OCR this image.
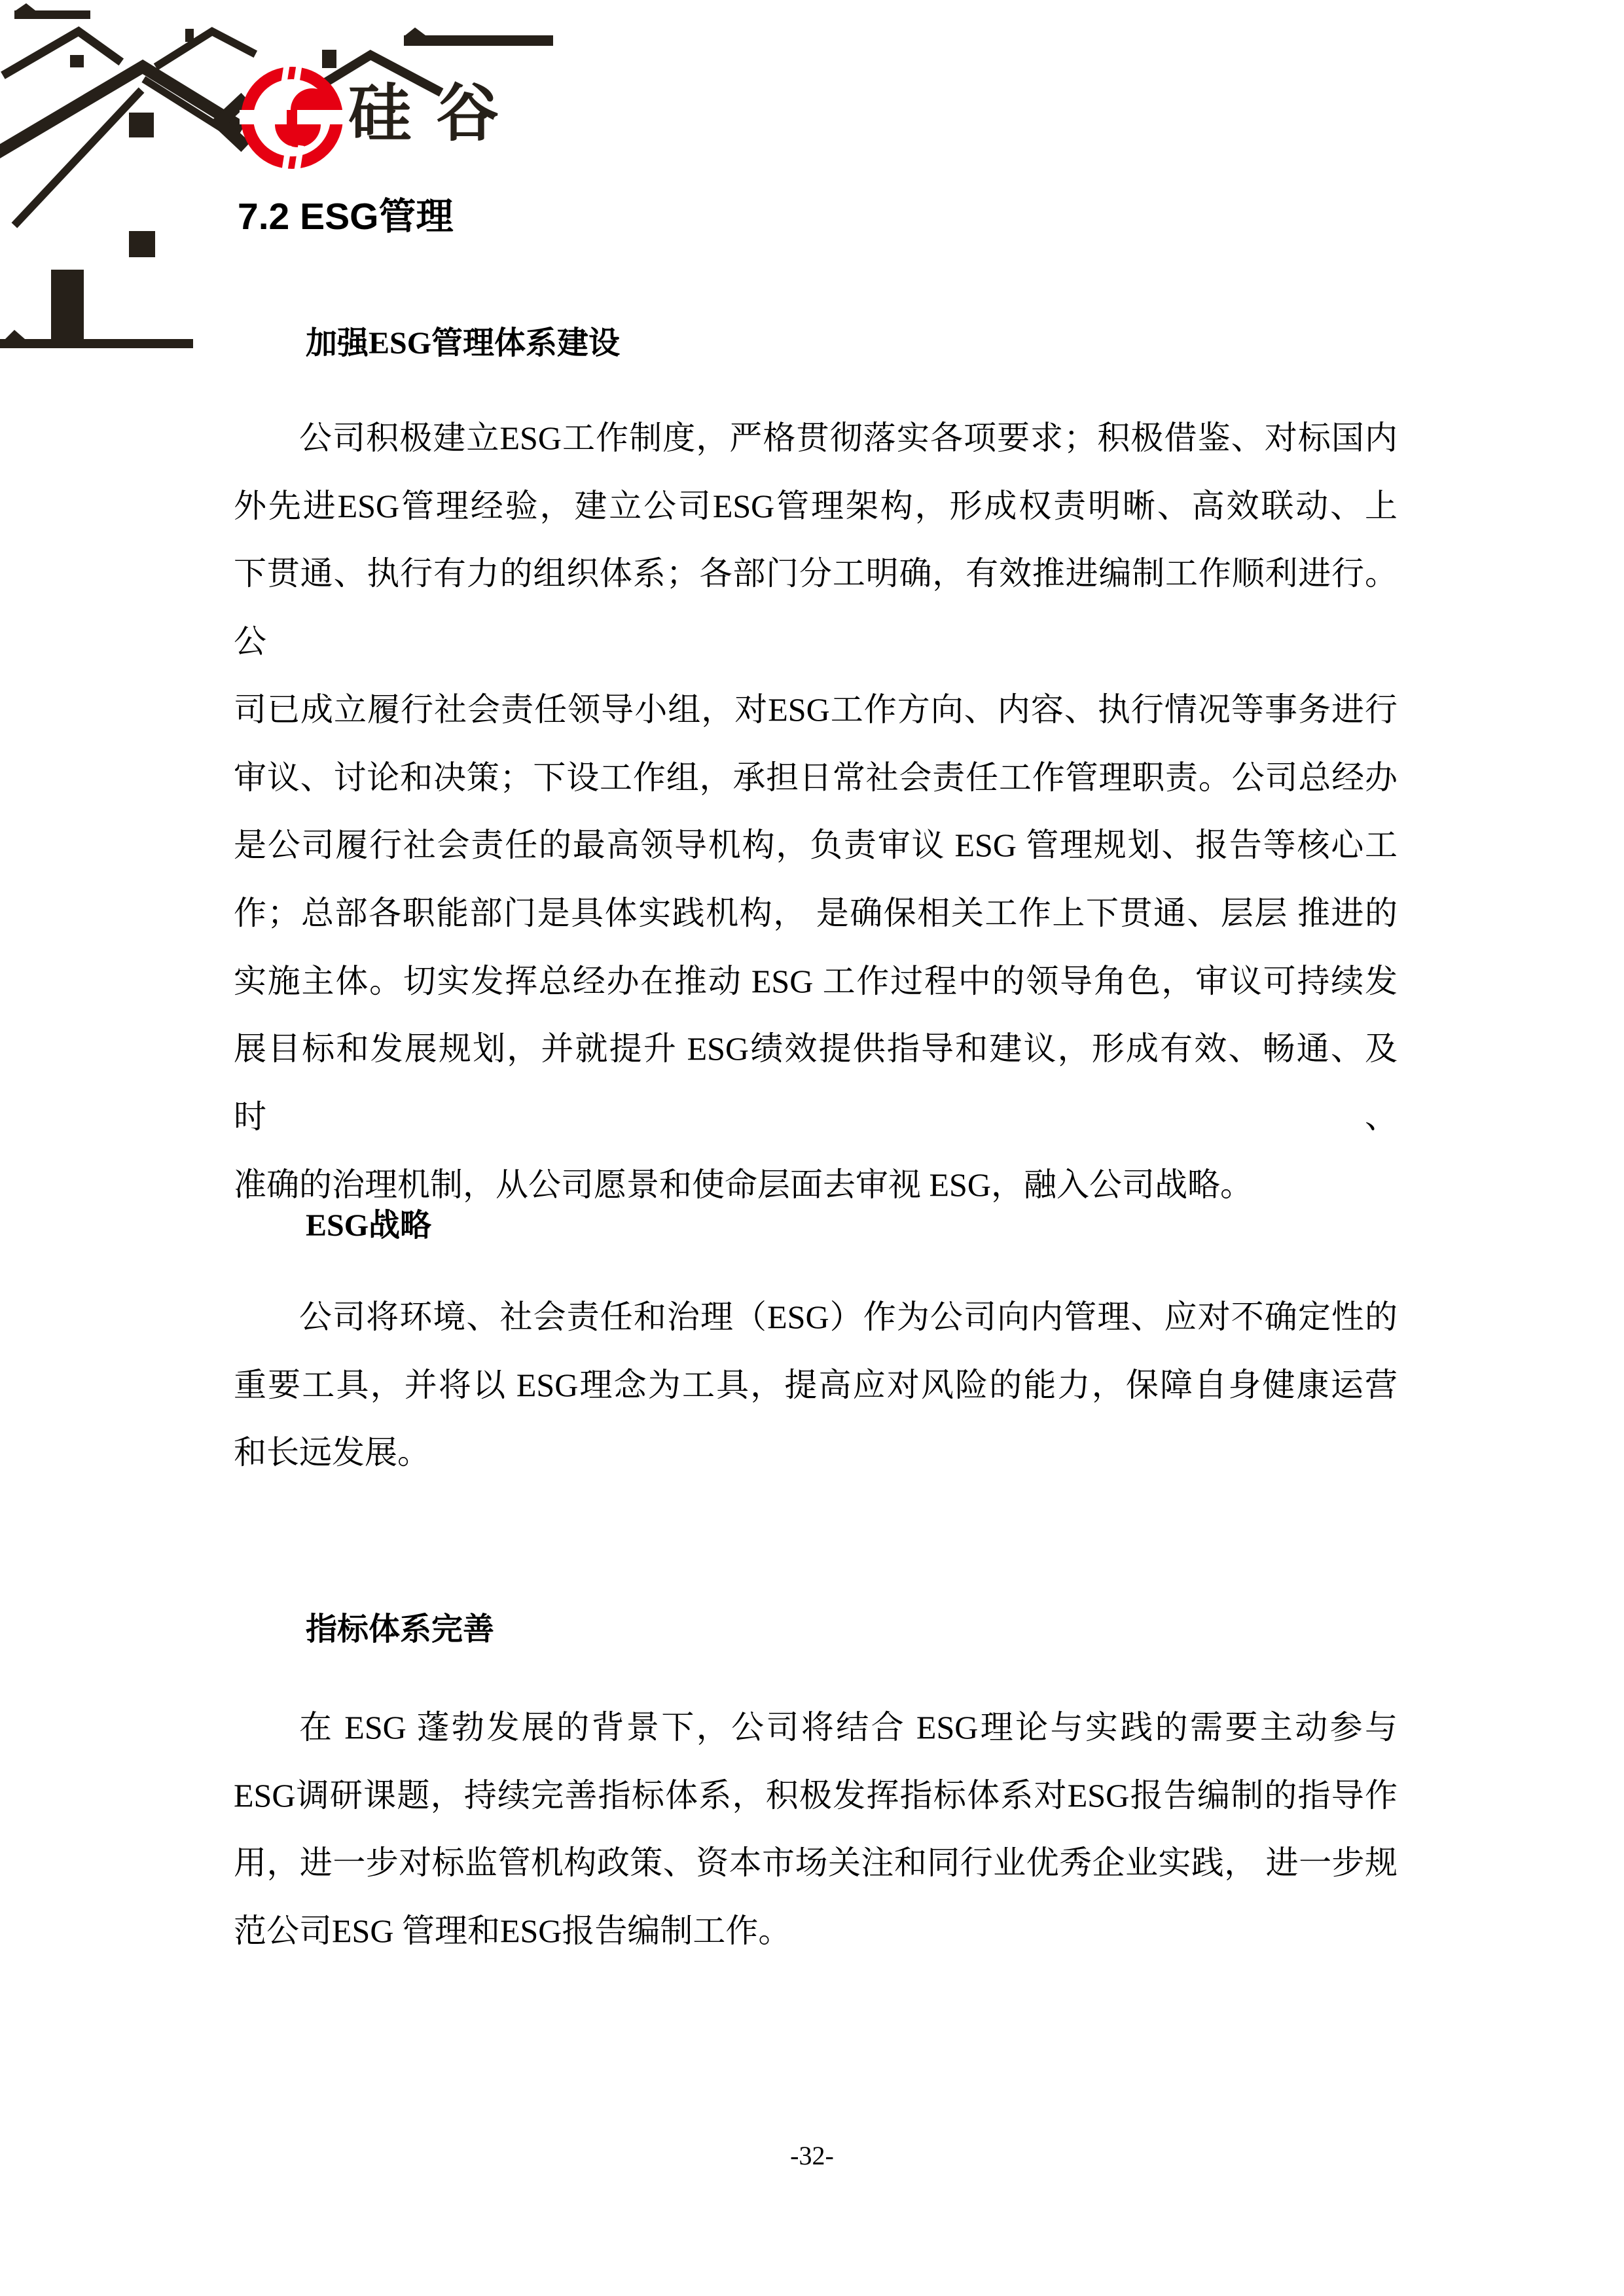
硅谷
7.2 ESG管理
加强ESG管理体系建设
公司积极建立ESG工作制度，严格贯彻落实各项要求；积极借鉴、对标国内
外先进ESG管理经验，建立公司ESG管理架构，形成权责明晰、高效联动、上
下贯通、执行有力的组织体系；各部门分工明确，有效推进编制工作顺利进行。公
司已成立履行社会责任领导小组，对ESG工作方向、内容、执行情况等事务进行
审议、讨论和决策；下设工作组，承担日常社会责任工作管理职责。公司总经办
是公司履行社会责任的最高领导机构，负责审议 ESG 管理规划、报告等核心工
作；总部各职能部门是具体实践机构， 是确保相关工作上下贯通、层层 推进的
实施主体。切实发挥总经办在推动 ESG 工作过程中的领导角色，审议可持续发
展目标和发展规划，并就提升 ESG绩效提供指导和建议，形成有效、畅通、及时、
准确的治理机制，从公司愿景和使命层面去审视 ESG，融入公司战略。
ESG战略
公司将环境、社会责任和治理（ESG）作为公司向内管理、应对不确定性的
重要工具，并将以 ESG理念为工具，提高应对风险的能力，保障自身健康运营
和长远发展。
指标体系完善
在 ESG 蓬勃发展的背景下，公司将结合 ESG理论与实践的需要主动参与
ESG调研课题，持续完善指标体系，积极发挥指标体系对ESG报告编制的指导作
用，进一步对标监管机构政策、资本市场关注和同行业优秀企业实践， 进一步规
范公司ESG 管理和ESG报告编制工作。
-32-
